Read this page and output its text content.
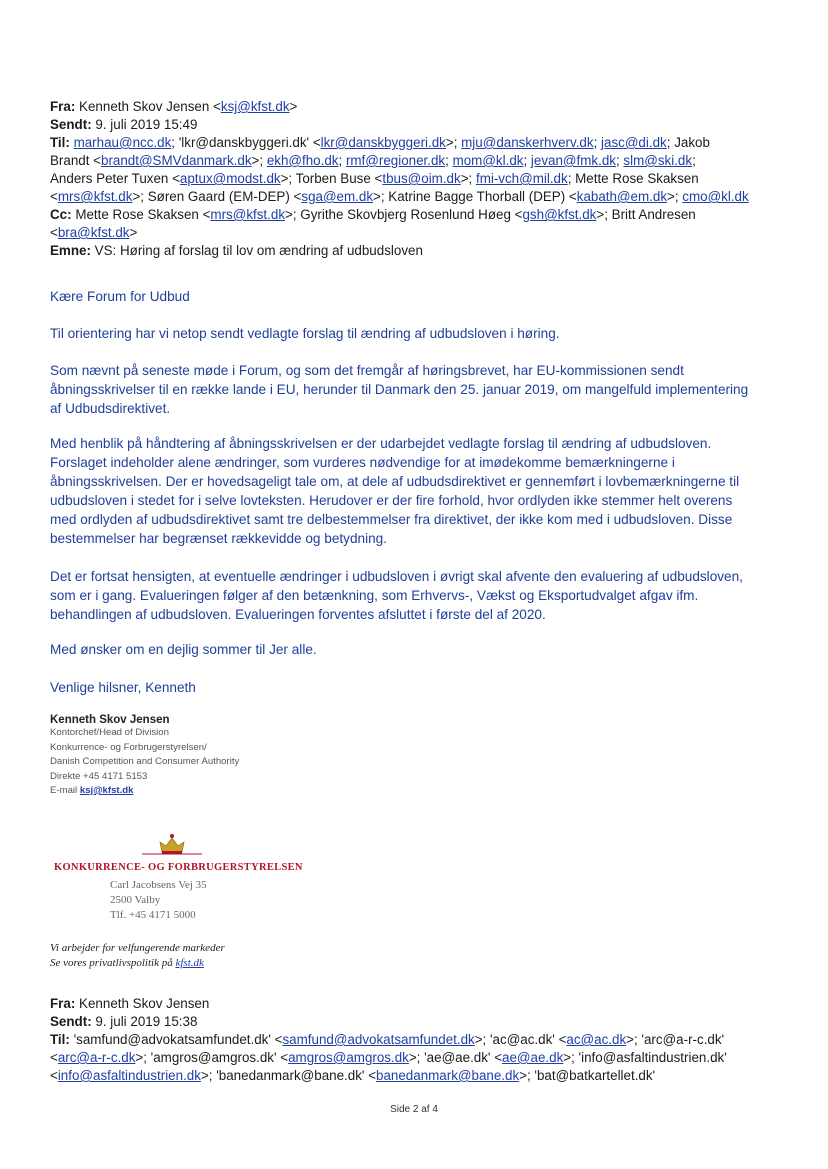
Fra: Kenneth Skov Jensen <ksj@kfst.dk>
Sendt: 9. juli 2019 15:49
Til: marhau@ncc.dk; 'lkr@danskbyggeri.dk' <lkr@danskbyggeri.dk>; mju@danskerhverv.dk; jasc@di.dk; Jakob
Brandt <brandt@SMVdanmark.dk>; ekh@fho.dk; rmf@regioner.dk; mom@kl.dk; jevan@fmk.dk; slm@ski.dk;
Anders Peter Tuxen <aptux@modst.dk>; Torben Buse <tbus@oim.dk>; fmi-vch@mil.dk; Mette Rose Skaksen
<mrs@kfst.dk>; Søren Gaard (EM-DEP) <sga@em.dk>; Katrine Bagge Thorball (DEP) <kabath@em.dk>; cmo@kl.dk
Cc: Mette Rose Skaksen <mrs@kfst.dk>; Gyrithe Skovbjerg Rosenlund Høeg <gsh@kfst.dk>; Britt Andresen
<bra@kfst.dk>
Emne: VS: Høring af forslag til lov om ændring af udbudsloven
Kære Forum for Udbud
Til orientering har vi netop sendt vedlagte forslag til ændring af udbudsloven i høring.
Som nævnt på seneste møde i Forum, og som det fremgår af høringsbrevet, har EU-kommissionen sendt
åbningsskrivelser til en række lande i EU, herunder til Danmark den 25. januar 2019, om mangelfuld implementering
af Udbudsdirektivet.
Med henblik på håndtering af åbningsskrivelsen er der udarbejdet vedlagte forslag til ændring af udbudsloven.
Forslaget indeholder alene ændringer, som vurderes nødvendige for at imødekomme bemærkningerne i
åbningsskrivelsen. Der er hovedsageligt tale om, at dele af udbudsdirektivet er gennemført i lovbemærkningerne til
udbudsloven i stedet for i selve lovteksten. Herudover er der fire forhold, hvor ordlyden ikke stemmer helt overens
med ordlyden af udbudsdirektivet samt tre delbestemmelser fra direktivet, der ikke kom med i udbudsloven. Disse
bestemmelser har begrænset rækkevidde og betydning.
Det er fortsat hensigten, at eventuelle ændringer i udbudsloven i øvrigt skal afvente den evaluering af udbudsloven,
som er i gang. Evalueringen følger af den betænkning, som Erhvervs-, Vækst og Eksportudvalget afgav ifm.
behandlingen af udbudsloven. Evalueringen forventes afsluttet i første del af 2020.
Med ønsker om en dejlig sommer til Jer alle.
Venlige hilsner, Kenneth
Kenneth Skov Jensen
Kontorchef/Head of Division
Konkurrence- og Forbrugerstyrelsen/
Danish Competition and Consumer Authority
Direkte +45 4171 5153
E-mail ksj@kfst.dk
KONKURRENCE- OG FORBRUGERSTYRELSEN
Carl Jacobsens Vej 35
2500 Valby
Tlf. +45 4171 5000
Vi arbejder for velfungerende markeder
Se vores privatlivspolitik på kfst.dk
Fra: Kenneth Skov Jensen
Sendt: 9. juli 2019 15:38
Til: 'samfund@advokatsamfundet.dk' <samfund@advokatsamfundet.dk>; 'ac@ac.dk' <ac@ac.dk>; 'arc@a-r-c.dk'
<arc@a-r-c.dk>; 'amgros@amgros.dk' <amgros@amgros.dk>; 'ae@ae.dk' <ae@ae.dk>; 'info@asfaltindustrien.dk'
<info@asfaltindustrien.dk>; 'banedanmark@bane.dk' <banedanmark@bane.dk>; 'bat@batkartellet.dk'
Side 2 af 4
